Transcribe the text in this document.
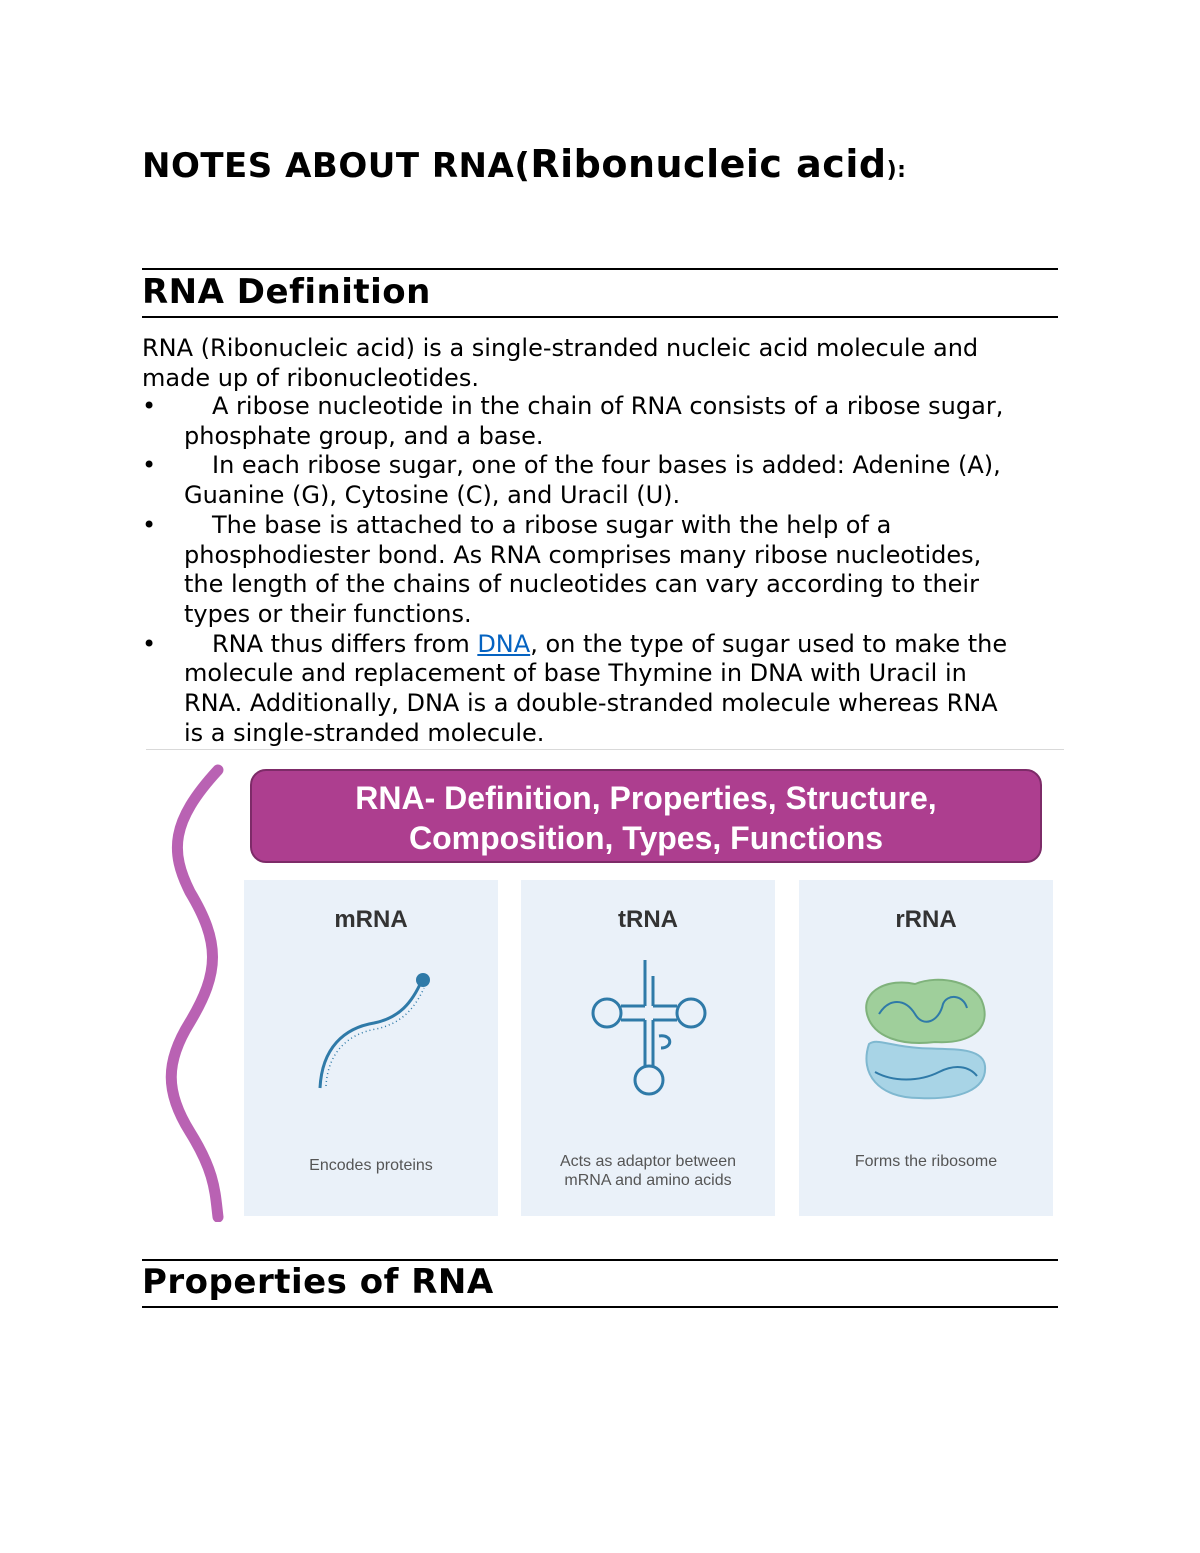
NOTES ABOUT RNA(Ribonucleic acid):
RNA Definition

RNA (Ribonucleic acid) is a single-stranded nucleic acid molecule and
made up of ribonucleotides.

• A ribose nucleotide in the chain of RNA consists of a ribose sugar,
phosphate group, and a base.
• In each ribose sugar, one of the four bases is added: Adenine (A),
Guanine (G), Cytosine (C), and Uracil (U).
• The base is attached to a ribose sugar with the help of a
phosphodiester bond. As RNA comprises many ribose nucleotides,
the length of the chains of nucleotides can vary according to their
types or their functions.
• RNA thus differs from DNA, on the type of sugar used to make the
molecule and replacement of base Thymine in DNA with Uracil in
RNA. Additionally, DNA is a double-stranded molecule whereas RNA
is a single-stranded molecule.
RNA- Definition, Properties, Structure,
Composition, Types, Functions
mRNA
Encodes proteins
tRNA
Acts as adaptor between
mRNA and amino acids
rRNA
Forms the ribosome
Properties of RNA
